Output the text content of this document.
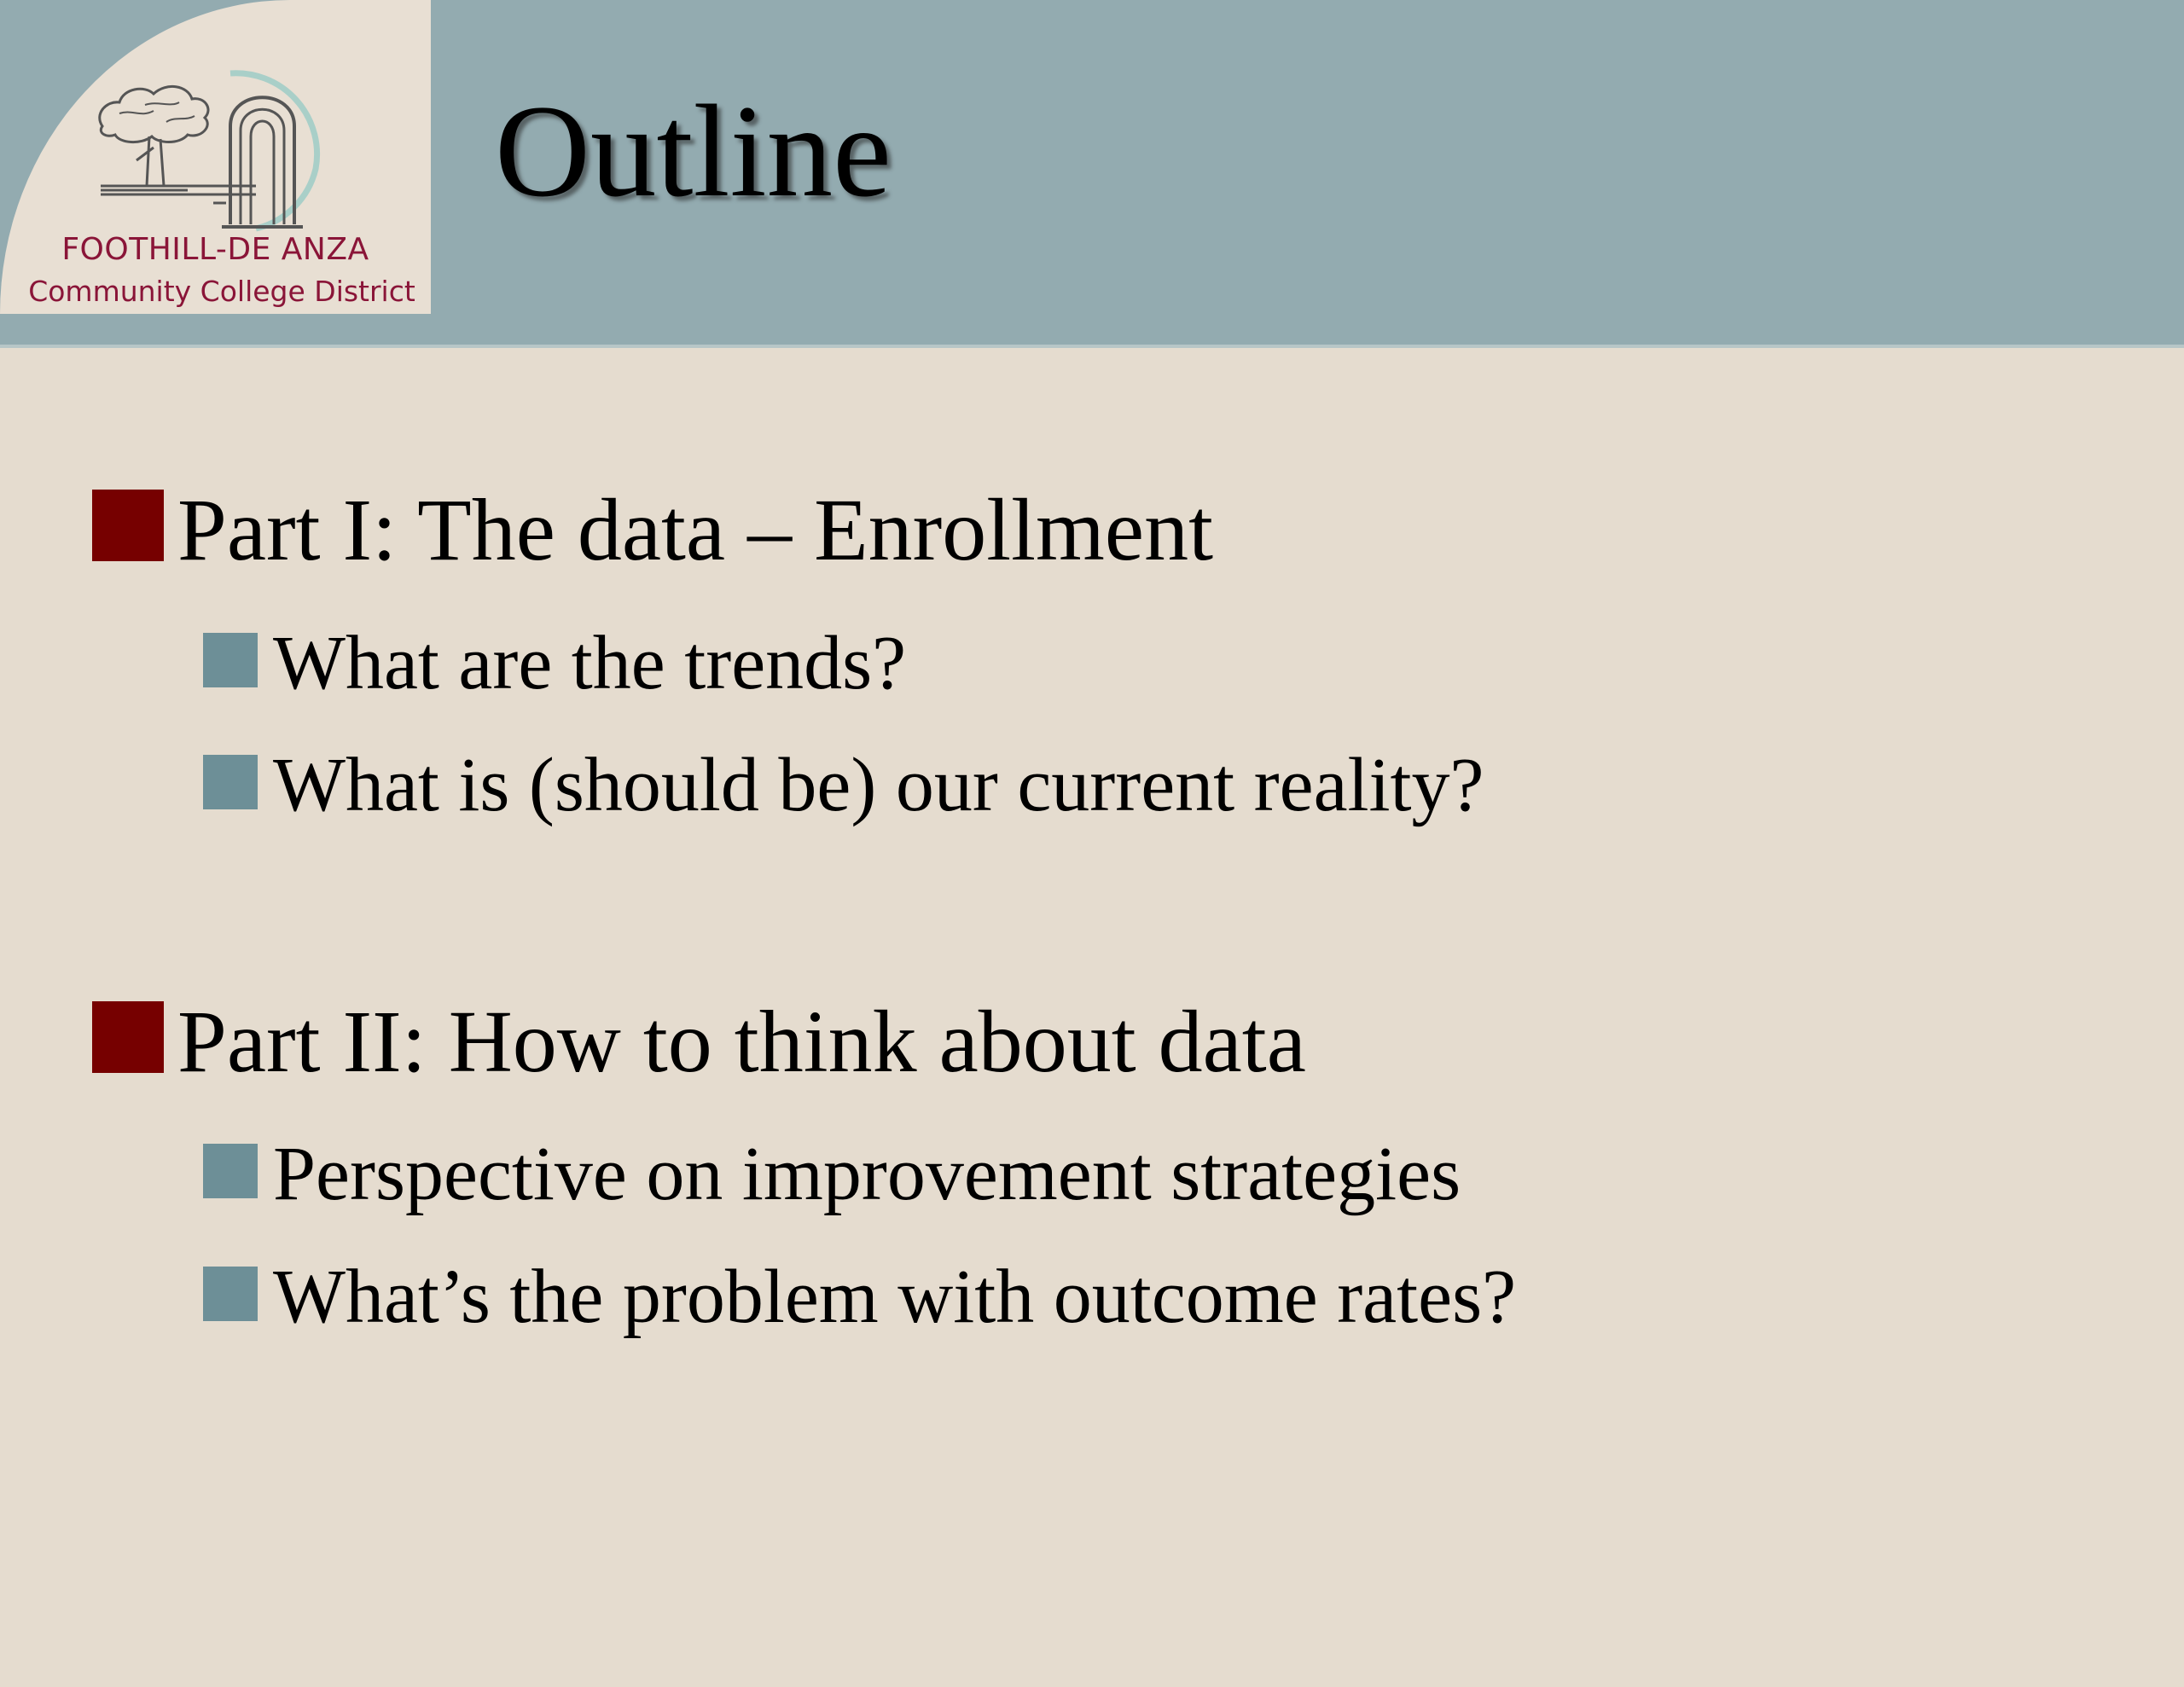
FOOTHILL-DE ANZA
Community College District
Outline
Part I: The data – Enrollment
What are the trends?
What is (should be) our current reality?
Part II: How to think about data
Perspective on improvement strategies
What’s the problem with outcome rates?
